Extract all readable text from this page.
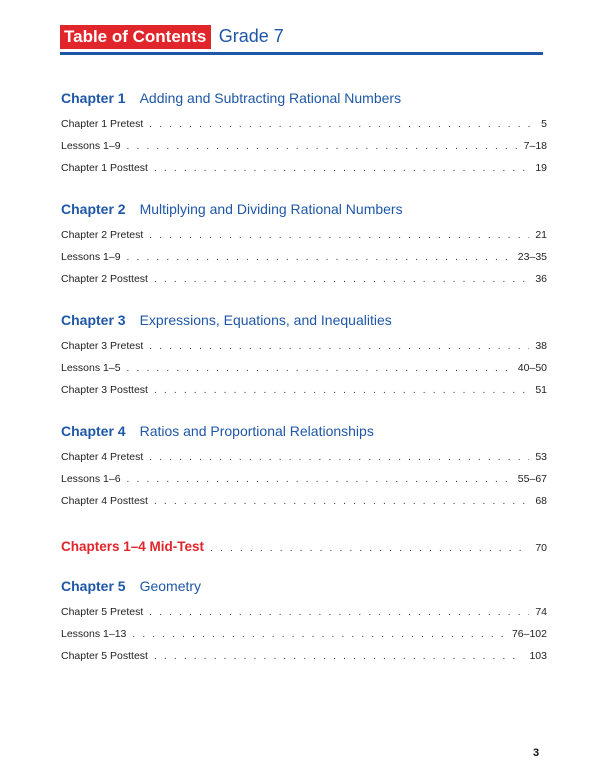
Table of Contents Grade 7
Chapter 1 Adding and Subtracting Rational Numbers
Chapter 1 Pretest . . .	5
Lessons 1–9 . . .	7–18
Chapter 1 Posttest . . .	19
Chapter 2 Multiplying and Dividing Rational Numbers
Chapter 2 Pretest . . .	21
Lessons 1–9 . . .	23–35
Chapter 2 Posttest . . .	36
Chapter 3 Expressions, Equations, and Inequalities
Chapter 3 Pretest . . .	38
Lessons 1–5 . . .	40–50
Chapter 3 Posttest . . .	51
Chapter 4 Ratios and Proportional Relationships
Chapter 4 Pretest . . .	53
Lessons 1–6 . . .	55–67
Chapter 4 Posttest . . .	68
Chapters 1–4 Mid-Test . . .	70
Chapter 5 Geometry
Chapter 5 Pretest . . .	74
Lessons 1–13 . . .	76–102
Chapter 5 Posttest . . .	103
3
